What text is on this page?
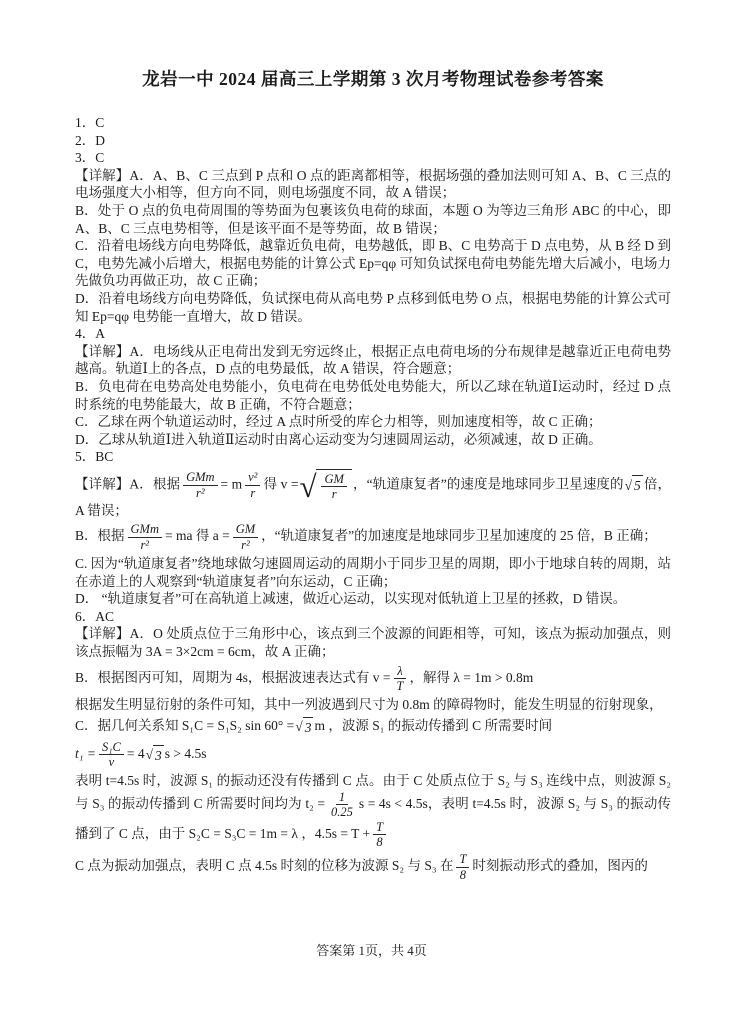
龙岩一中 2024 届高三上学期第 3 次月考物理试卷参考答案

1．C

2．D

3．C

【详解】A．A、B、C 三点到 P 点和 O 点的距离都相等，根据场强的叠加法则可知 A、B、C 三点的电场强度大小相等，但方向不同，则电场强度不同，故 A 错误；

B．处于 O 点的负电荷周围的等势面为包裹该负电荷的球面，本题 O 为等边三角形 ABC 的中心，即 A、B、C 三点电势相等，但是该平面不是等势面，故 B 错误；

C．沿着电场线方向电势降低，越靠近负电荷，电势越低，即 B、C 电势高于 D 点电势，从 B 经 D 到 C，电势先减小后增大，根据电势能的计算公式 Ep=qφ 可知负试探电荷电势能先增大后减小，电场力先做负功再做正功，故 C 正确；

D．沿着电场线方向电势降低，负试探电荷从高电势 P 点移到低电势 O 点，根据电势能的计算公式可知 Ep=qφ 电势能一直增大，故 D 错误。

4．A

【详解】A．电场线从正电荷出发到无穷远终止，根据正点电荷电场的分布规律是越靠近正电荷电势越高。轨道Ⅰ上的各点，D 点的电势最低，故 A 错误，符合题意；

B．负电荷在电势高处电势能小，负电荷在电势低处电势能大，所以乙球在轨道Ⅰ运动时，经过 D 点时系统的电势能最大，故 B 正确，不符合题意；

C．乙球在两个轨道运动时，经过 A 点时所受的库仑力相等，则加速度相等，故 C 正确；

D．乙球从轨道Ⅰ进入轨道Ⅱ运动时由离心运动变为匀速圆周运动，必须减速，故 D 正确。

5．BC

【详解】A．根据 $\frac{\text{GMm}}{\text{r²}} = m \frac{\text{v²}}{r}$ 得 v = √ $\frac{GM}{r}$ ，“轨道康复者”的速度是地球同步卫星速度的 √ 5 倍，A 错误；

B．根据 $\frac{\text{GMm}}{\text{r²}}$ = ma 得 $a = \frac{GM}{\text{r²}}$ ，“轨道康复者”的加速度是地球同步卫星加速度的 25 倍，B 正确；

C. 因为“轨道康复者”绕地球做匀速圆周运动的周期小于同步卫星的周期，即小于地球自转的周期，站在赤道上的人观察到“轨道康复者”向东运动，C 正确；

D． “轨道康复者”可在高轨道上减速，做近心运动，以实现对低轨道上卫星的拯救，D 错误。

6．AC

【详解】A．O 处质点位于三角形中心，该点到三个波源的间距相等，可知，该点为振动加强点，则该点振幅为 3A = 3×2cm = 6cm，故 A 正确；

B．根据图丙可知，周期为 4s，根据波速表达式有 $v = \frac{\lambda}{T}$ ，解得 λ = 1m > 0.8m

根据发生明显衍射的条件可知，其中一列波遇到尺寸为 0.8m 的障碍物时，能发生明显的衍射现象，

C．据几何关系知 S₁C = S₁S₂ sin 60° = √ 3 m ，波源 S₁ 的振动传播到 C 所需要时间

$t_1 = \frac{\text{S₁C}}{v} = 4$ √ 3 s > 4.5s

表明 t=4.5s 时，波源 S₁ 的振动还没有传播到 C 点。由于 C 处质点位于 S₂ 与 S₃ 连线中点，则波源 S₂ 与 S₃ 的振动传播到 C 所需要时间均为 $t_2 = \frac{1}{0.25}$ s = 4s < 4.5s，表明 t=4.5s 时，波源 S₂ 与 S₃ 的振动传播到了 C 点，由于 S₂C = S₃C = 1m = λ ，$4.5s = T + \frac{T}{8}$

C 点为振动加强点，表明 C 点 4.5s 时刻的位移为波源 S₂ 与 S₃ 在 $\frac{T}{8}$ 时刻振动形式的叠加，图丙的

答案第 1页，共 4页
